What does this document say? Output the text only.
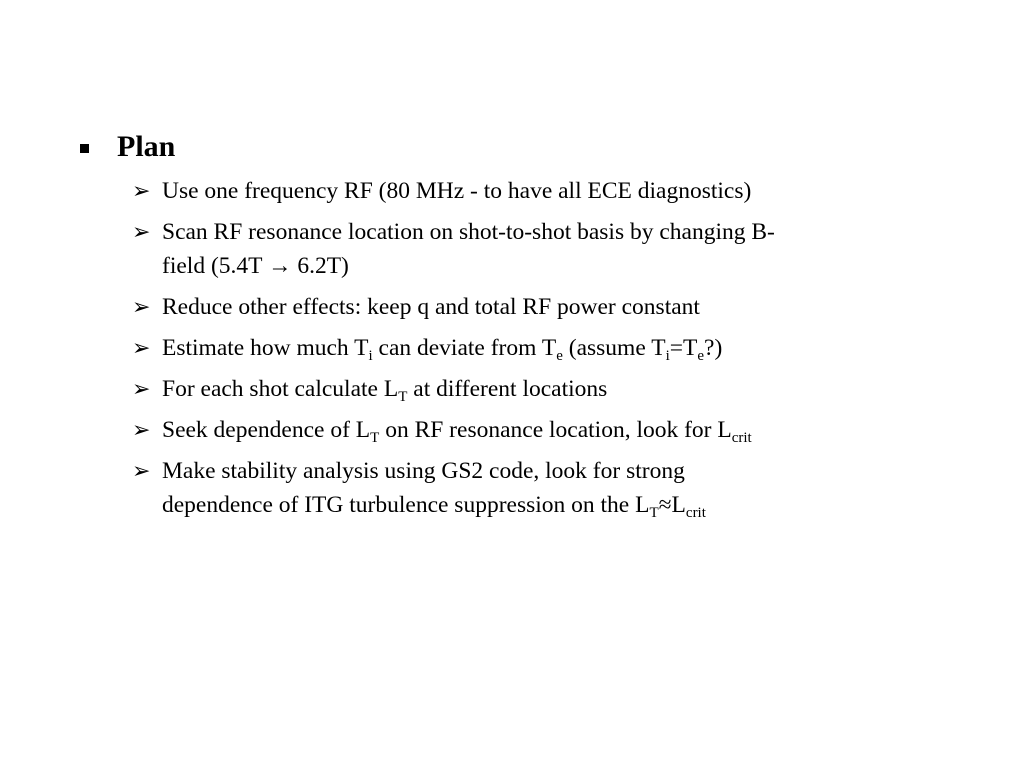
Plan
➢ Use one frequency RF (80 MHz - to have all ECE diagnostics)
➢ Scan RF resonance location on shot-to-shot basis by changing B-
field (5.4T → 6.2T)
➢ Reduce other effects: keep q and total RF power constant
➢ Estimate how much $T_i$ can deviate from $T_e$ (assume $T_i=T_e$?)
➢ For each shot calculate $L_T$ at different locations
➢ Seek dependence of $L_T$ on RF resonance location, look for $L_{crit}$
➢ Make stability analysis using GS2 code, look for strong
dependence of ITG turbulence suppression on the $L_T\approx L_{crit}$
